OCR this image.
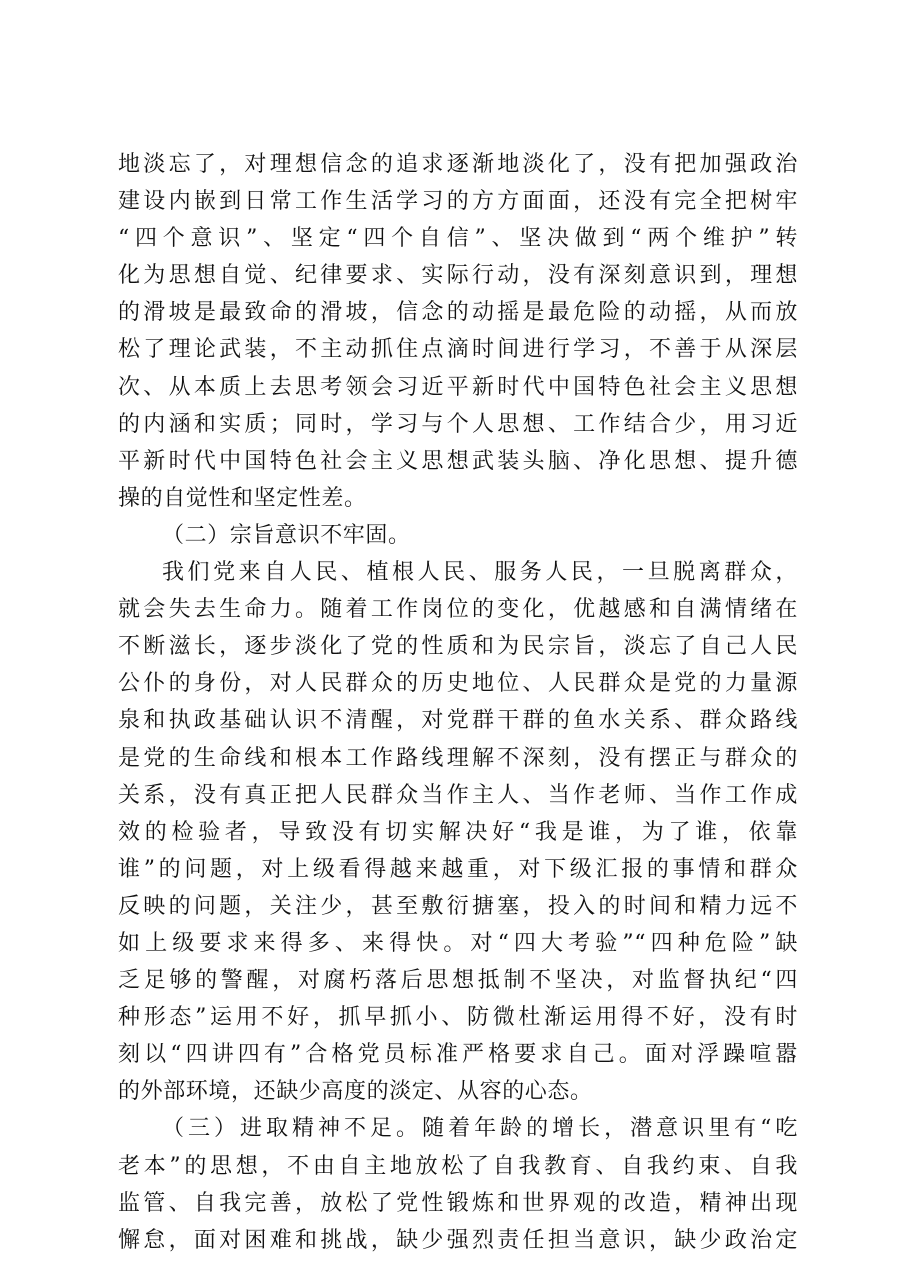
地淡忘了，对理想信念的追求逐渐地淡化了，没有把加强政治
建设内嵌到日常工作生活学习的方方面面，还没有完全把树牢
“四个意识”、坚定“四个自信”、坚决做到“两个维护”转
化为思想自觉、纪律要求、实际行动，没有深刻意识到，理想
的滑坡是最致命的滑坡，信念的动摇是最危险的动摇，从而放
松了理论武装，不主动抓住点滴时间进行学习，不善于从深层
次、从本质上去思考领会习近平新时代中国特色社会主义思想
的内涵和实质；同时，学习与个人思想、工作结合少，用习近
平新时代中国特色社会主义思想武装头脑、净化思想、提升德
操的自觉性和坚定性差。
（二）宗旨意识不牢固。
我们党来自人民、植根人民、服务人民，一旦脱离群众，
就会失去生命力。随着工作岗位的变化，优越感和自满情绪在
不断滋长，逐步淡化了党的性质和为民宗旨，淡忘了自己人民
公仆的身份，对人民群众的历史地位、人民群众是党的力量源
泉和执政基础认识不清醒，对党群干群的鱼水关系、群众路线
是党的生命线和根本工作路线理解不深刻，没有摆正与群众的
关系，没有真正把人民群众当作主人、当作老师、当作工作成
效的检验者，导致没有切实解决好“我是谁，为了谁，依靠
谁”的问题，对上级看得越来越重，对下级汇报的事情和群众
反映的问题，关注少，甚至敷衍搪塞，投入的时间和精力远不
如上级要求来得多、来得快。对“四大考验”“四种危险”缺
乏足够的警醒，对腐朽落后思想抵制不坚决，对监督执纪“四
种形态”运用不好，抓早抓小、防微杜渐运用得不好，没有时
刻以“四讲四有”合格党员标准严格要求自己。面对浮躁喧嚣
的外部环境，还缺少高度的淡定、从容的心态。
（三）进取精神不足。随着年龄的增长，潜意识里有“吃
老本”的思想，不由自主地放松了自我教育、自我约束、自我
监管、自我完善，放松了党性锻炼和世界观的改造，精神出现
懈怠，面对困难和挑战，缺少强烈责任担当意识，缺少政治定
